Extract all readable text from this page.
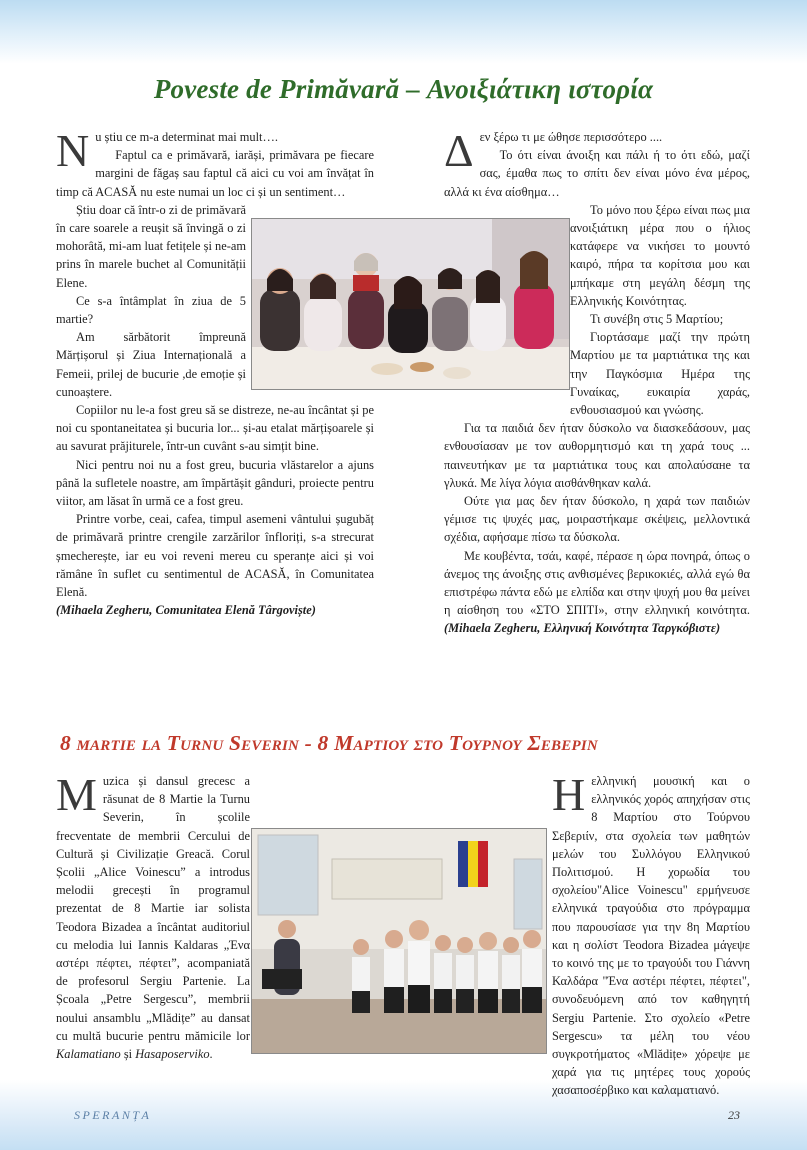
Poveste de Primăvară – Ανοιξιάτικη ιστορία

Nu știu ce m-a determinat mai mult….

Faptul ca e primăvară, iarăși, primăvara pe fiecare margini de făgaș sau faptul că aici cu voi am învățat în timp că ACASĂ nu este numai un loc ci și un sentiment…

Știu doar că într-o zi de primăvară în care soarele a reușit să învingă o zi mohorâtă, mi-am luat fetițele și ne-am prins în marele buchet al Comunității Elene.

Ce s-a întâmplat în ziua de 5 martie?

Am sărbătorit împreună Mărțișorul și Ziua Internațională a Femeii, prilej de bucurie ,de emoție și cunoaștere.

Copiilor nu le-a fost greu să se distreze, ne-au încântat și pe noi cu spontaneitatea și bucuria lor... și-au etalat mărțișoarele și au savurat prăjiturele, într-un cuvânt s-au simțit bine.

Nici pentru noi nu a fost greu, bucuria vlăstarelor a ajuns până la sufletele noastre, am împărtășit gânduri, proiecte pentru viitor, am lăsat în urmă ce a fost greu.

Printre vorbe, ceai, cafea, timpul asemeni vântului șugubăț de primăvară printre crengile zarzărilor înfloriți, s-a strecurat șmecherește, iar eu voi reveni mereu cu speranțe aici și voi rămâne în suflet cu sentimentul de ACASĂ, în Comunitatea Elenă.

(Mihaela Zegheru, Comunitatea Elenă Târgoviște)

Δεν ξέρω τι με ώθησε περισσότερο ....

Το ότι είναι άνοιξη και πάλι ή το ότι εδώ, μαζί σας, έμαθα πως το σπίτι δεν είναι μόνο ένα μέρος, αλλά κι ένα αίσθημα…

Το μόνο που ξέρω είναι πως μια ανοιξιάτικη μέρα που ο ήλιος κατάφερε να νικήσει το μουντό καιρό, πήρα τα κορίτσια μου και μπήκαμε στη μεγάλη δέσμη της Ελληνικής Κοινότητας.

Τι συνέβη στις 5 Μαρτίου;

Γιορτάσαμε μαζί την πρώτη Μαρτίου με τα μαρτιάτικα της και την Παγκόσμια Ημέρα της Γυναίκας, ευκαιρία χαράς, ενθουσιασμού και γνώσης.

Για τα παιδιά δεν ήταν δύσκολο να διασκεδάσουν, μας ενθουσίασαν με τον αυθορμητισμό και τη χαρά τους ... παινευτήκαν με τα μαρτιάτικα τους και απολαύσαне τα γλυκά. Με λίγα λόγια αισθάνθηκαν καλά.

Ούτε για μας δεν ήταν δύσκολο, η χαρά των παιδιών γέμισε τις ψυχές μας, μοιραστήκαμε σκέψεις, μελλοντικά σχέδια, αφήσαμε πίσω τα δύσκολα.

Με κουβέντα, τσάι, καφέ, πέρασε η ώρα πονηρά, όπως ο άνεμος της άνοιξης στις ανθισμένες βερικοκιές, αλλά εγώ θα επιστρέφω πάντα εδώ με ελπίδα και στην ψυχή μου θα μείνει η αίσθηση του «ΣΤΟ ΣΠΙΤΙ», στην ελληνική κοινότητα. (Mihaela Zegheru, Ελληνική Κοινότητα Ταργκόβιστε)

8 martie la Turnu Severin - 8 Μαρτιου στο Τουρνου Σεβεριν

Muzica și dansul grecesc a răsunat de 8 Martie la Turnu Severin, în școlile frecventate de membrii Cercului de Cultură și Civilizație Greacă. Corul Școlii „Alice Voinescu” a introdus melodii grecești în programul prezentat de 8 Martie iar solista Teodora Bizadea a încântat auditoriul cu melodia lui Iannis Kaldaras „Ένα αστέρι πέφτει, πέφτει”, acompaniată de profesorul Sergiu Partenie. La Școala „Petre Sergescu”, membrii noului ansamblu „Mlădițe” au dansat cu multă bucurie pentru mămicile lor Kalamatiano și Hasaposerviko.

Ηελληνική μουσική και ο ελληνικός χορός απηχήσαν στις 8 Μαρτίου στο Τούρνου Σεβεριίν, στα σχολεία των μαθητών μελών του Συλλόγου Ελληνικού Πολιτισμού. Η χορωδία του σχολείου"Alice Voinescu" ερμήνευσε ελληνικά τραγούδια στο πρόγραμμα που παρουσίασε για την 8η Μαρτίου και η σολίστ Teodora Bizadea μάγεψε το κοινό της με το τραγούδι του Γιάννη Καλδάρα "Ένα αστέρι πέφτει, πέφτει", συνοδευόμενη από τον καθηγητή Sergiu Partenie. Στο σχολείο «Petre Sergescu» τα μέλη του νέου συγκροτήματος «Mlădițe» χόρεψε με χαρά για τις μητέρες τους χορούς χασαποσέρβικο και καλαματιανό.

SPERANȚA	23
